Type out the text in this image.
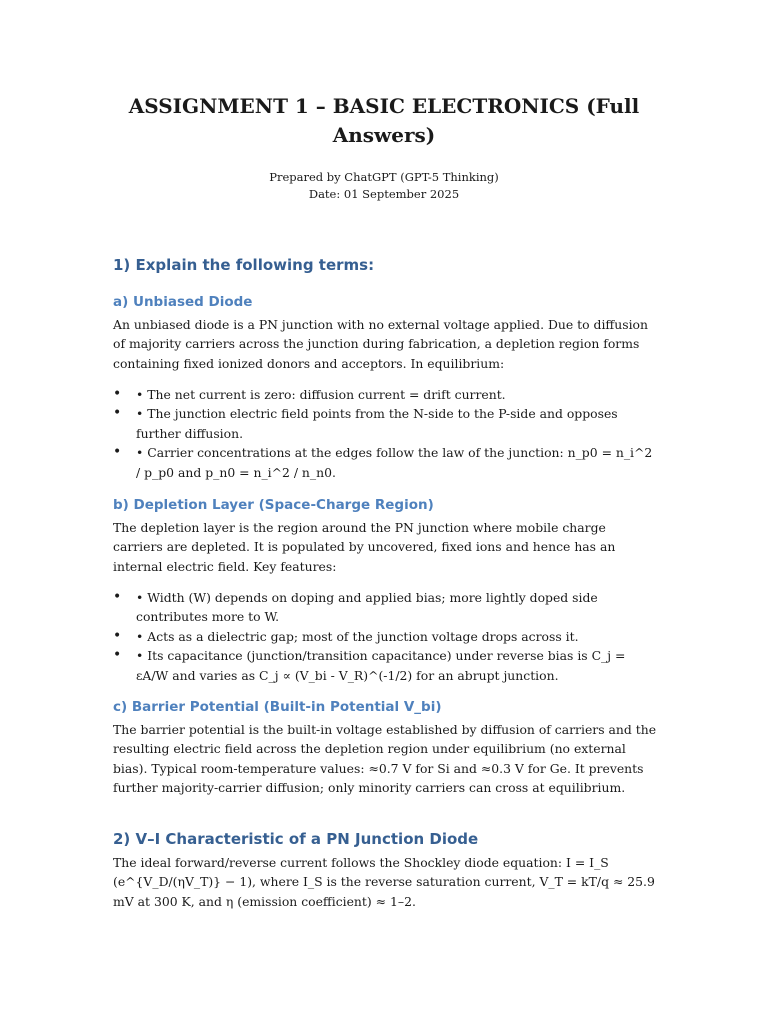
ASSIGNMENT 1 – BASIC ELECTRONICS (Full Answers)

Prepared by ChatGPT (GPT-5 Thinking)

Date: 01 September 2025

1) Explain the following terms:
a) Unbiased Diode

An unbiased diode is a PN junction with no external voltage applied. Due to diffusion of majority carriers across the junction during fabrication, a depletion region forms containing fixed ionized donors and acceptors. In equilibrium:

• • The net current is zero: diffusion current = drift current.
• • The junction electric field points from the N-side to the P-side and opposes further diffusion.
• • Carrier concentrations at the edges follow the law of the junction: n_p0 = n_i^2 / p_p0 and p_n0 = n_i^2 / n_n0.
b) Depletion Layer (Space-Charge Region)

The depletion layer is the region around the PN junction where mobile charge carriers are depleted. It is populated by uncovered, fixed ions and hence has an internal electric field. Key features:

• • Width (W) depends on doping and applied bias; more lightly doped side contributes more to W.
• • Acts as a dielectric gap; most of the junction voltage drops across it.
• • Its capacitance (junction/transition capacitance) under reverse bias is C_j = εA/W and varies as C_j ∝ (V_bi - V_R)^(-1/2) for an abrupt junction.
c) Barrier Potential (Built-in Potential V_bi)

The barrier potential is the built-in voltage established by diffusion of carriers and the resulting electric field across the depletion region under equilibrium (no external bias). Typical room-temperature values: ≈0.7 V for Si and ≈0.3 V for Ge. It prevents further majority-carrier diffusion; only minority carriers can cross at equilibrium.

2) V–I Characteristic of a PN Junction Diode

The ideal forward/reverse current follows the Shockley diode equation: I = I_S (e^{V_D/(ηV_T)} − 1), where I_S is the reverse saturation current, V_T = kT/q ≈ 25.9 mV at 300 K, and η (emission coefficient) ≈ 1–2.
